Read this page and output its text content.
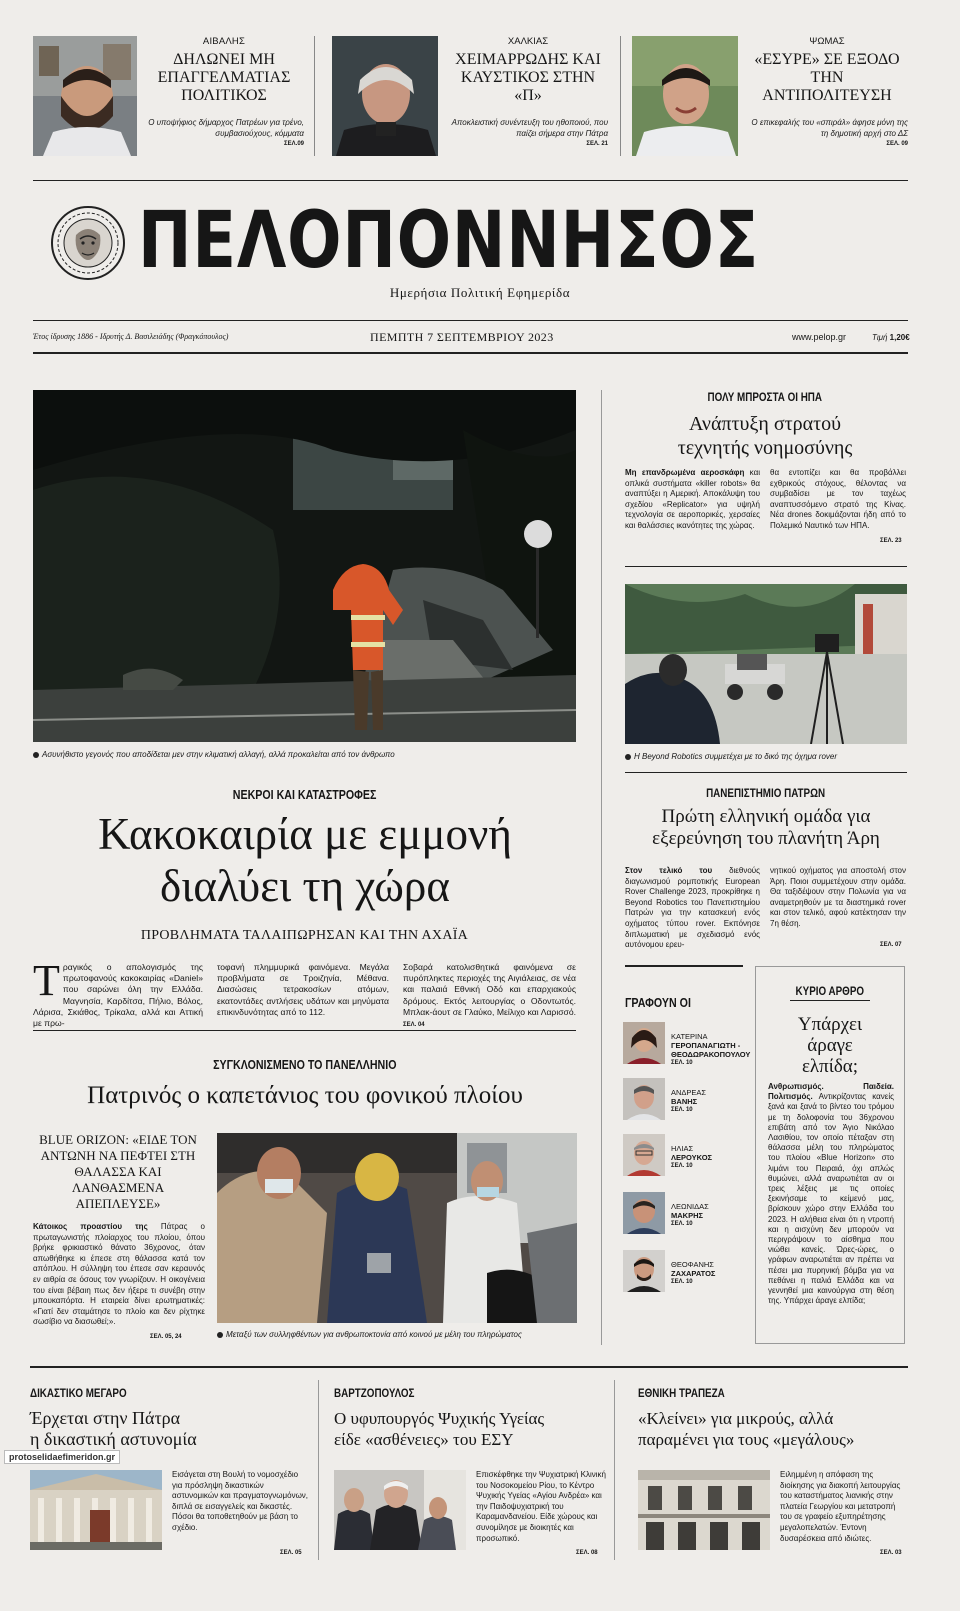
ΑΙΒΑΛΗΣ
ΔΗΛΩΝΕΙ ΜΗ ΕΠΑΓΓΕΛΜΑΤΙΑΣ ΠΟΛΙΤΙΚΟΣ
Ο υποψήφιος δήμαρχος Πατρέων για τρένο, συμβασιούχους, κόμματα
ΣΕΛ.09
ΧΑΛΚΙΑΣ
ΧΕΙΜΑΡΡΩΔΗΣ ΚΑΙ ΚΑΥΣΤΙΚΟΣ ΣΤΗΝ «Π»
Αποκλειστική συνέντευξη του ηθοποιού, που παίζει σήμερα στην Πάτρα
ΣΕΛ. 21
ΨΩΜΑΣ
«ΕΣΥΡΕ» ΣΕ ΕΞΟΔΟ ΤΗΝ ΑΝΤΙΠΟΛΙΤΕΥΣΗ
Ο επικεφαλής του «σπιράλ» άφησε μόνη της τη δημοτική αρχή στο ΔΣ
ΣΕΛ. 09
ΠΕΛΟΠΟΝΝΗΣΟΣ
Ημερήσια Πολιτική Εφημερίδα
Έτος ίδρυσης 1886 - Ιδρυτής Δ. Βασιλειάδης (Φραγκόπουλος)	ΠΕΜΠΤΗ 7 ΣΕΠΤΕΜΒΡΙΟΥ 2023	www.pelop.gr	Τιμή 1,20€
Ασυνήθιστο γεγονός που αποδίδεται μεν στην κλιματική αλλαγή, αλλά προκαλείται από τον άνθρωπο
ΝΕΚΡΟΙ ΚΑΙ ΚΑΤΑΣΤΡΟΦΕΣ
Κακοκαιρία με εμμονή
διαλύει τη χώρα
ΠΡΟΒΛΗΜΑΤΑ ΤΑΛΑΙΠΩΡΗΣΑΝ ΚΑΙ ΤΗΝ ΑΧΑΪΑ
Τ ραγικός ο απολογισμός της πρωτοφανούς κακοκαιρίας «Daniel» που σαρώνει όλη την Ελλάδα. Μαγνησία, Καρδίτσα, Πήλιο, Βόλος, Λάρισα, Σκιάθος, Τρίκαλα, αλλά και Αττική με πρω-
τοφανή πλημμυρικά φαινόμενα. Μεγάλα προβλήματα σε Τροιζηνία, Μέθανα. Διασώσεις τετρακοσίων ατόμων, εκατοντάδες αντλήσεις υδάτων και μηνύματα επικινδυνότητας από το 112.
Σοβαρά κατολισθητικά φαινόμενα σε πυρόπληκτες περιοχές της Αιγιάλειας, σε νέα και παλαιά Εθνική Οδό και επαρχιακούς δρόμους. Εκτός λειτουργίας ο Οδοντωτός. Μπλακ-άουτ σε Γλαύκο, Μείλιχο και Λαρισσό. ΣΕΛ. 04
ΣΥΓΚΛΟΝΙΣΜΕΝΟ ΤΟ ΠΑΝΕΛΛΗΝΙΟ
Πατρινός ο καπετάνιος του φονικού πλοίου
BLUE ORIZON: «ΕΙΔΕ ΤΟΝ ΑΝΤΩΝΗ ΝΑ ΠΕΦΤΕΙ ΣΤΗ ΘΑΛΑΣΣΑ ΚΑΙ ΛΑΝΘΑΣΜΕΝΑ ΑΠΕΠΛΕΥΣΕ»
Κάτοικος προαστίου της Πάτρας ο πρωταγωνιστής πλοίαρχος του πλοίου, όπου βρήκε φρικιαστικό θάνατο 36χρονος, όταν απωθήθηκε κι έπεσε στη θάλασσα κατά τον απόπλου. Η σύλληψη του έπεσε σαν κεραυνός εν αιθρία σε όσους τον γνωρίζουν. Η οικογένεια του είναι βέβαιη πως δεν ήξερε τι συνέβη στην μπουκαπόρτα. Η εταιρεία δίνει ερωτηματικές: «Γιατί δεν σταμάτησε το πλοίο και δεν ρίχτηκε σωσίβιο να διασωθεί;».
ΣΕΛ. 05, 24	Μεταξύ των συλληφθέντων για ανθρωποκτονία από κοινού με μέλη του πληρώματος
ΠΟΛΥ ΜΠΡΟΣΤΑ ΟΙ ΗΠΑ
Ανάπτυξη στρατού
τεχνητής νοημοσύνης
Μη επανδρωμένα αεροσκάφη και οπλικά συστήματα «killer robots» θα αναπτύξει η Αμερική. Αποκάλυψη του σχεδίου «Replicator» για υψηλή τεχνολογία σε αεροπορικές, χερσαίες και θαλάσσιες ικανότητες της χώρας.
θα εντοπίζει και θα προβάλλει εχθρικούς στόχους, θέλοντας να συμβαδίσει με τον ταχέως αναπτυσσόμενο στρατό της Κίνας. Νέα drones δοκιμάζονται ήδη από το Πολεμικό Ναυτικό των ΗΠΑ.
ΣΕΛ. 23
Η Beyond Robotics συμμετέχει με το δικό της όχημα rover
ΠΑΝΕΠΙΣΤΗΜΙΟ ΠΑΤΡΩΝ
Πρώτη ελληνική ομάδα για
εξερεύνηση του πλανήτη Άρη
Στον τελικό του διεθνούς διαγωνισμού ρομποτικής European Rover Challenge 2023, προκρίθηκε η Beyond Robotics του Πανεπιστημίου Πατρών για την κατασκευή ενός οχήματος τύπου rover. Εκπόνησε διπλωματική με σχεδιασμό ενός αυτόνομου ερευ-
νητικού οχήματος για αποστολή στον Άρη. Ποιοι συμμετέχουν στην ομάδα. Θα ταξιδέψουν στην Πολωνία για να αναμετρηθούν με τα διαστημικά rover και στον τελικό, αφού κατέκτησαν την 7η θέση.
ΣΕΛ. 07
ΓΡΑΦΟΥΝ ΟΙ
ΚΑΤΕΡΙΝΑ
ΓΕΡΟΠΑΝΑΓΙΩΤΗ - ΘΕΟΔΩΡΑΚΟΠΟΥΛΟΥ
ΣΕΛ. 10
ΑΝΔΡΕΑΣ
ΒΑΝΗΣ
ΣΕΛ. 10
ΗΛΙΑΣ
ΛΕΡΟΥΚΟΣ
ΣΕΛ. 10
ΛΕΩΝΙΔΑΣ
ΜΑΚΡΗΣ
ΣΕΛ. 10
ΘΕΟΦΑΝΗΣ
ΖΑΧΑΡΑΤΟΣ
ΣΕΛ. 10
ΚΥΡΙΟ ΑΡΘΡΟ
Υπάρχει
άραγε
ελπίδα;
Ανθρωπισμός. Παιδεία. Πολιτισμός. Αντικρίζοντας κανείς ξανά και ξανά το βίντεο του τρόμου με τη δολοφονία του 36χρονου επιβάτη από τον Άγιο Νικόλαο Λασιθίου, τον οποίο πέταξαν στη θάλασσα μέλη του πληρώματος του πλοίου «Blue Horizon» στο λιμάνι του Πειραιά, όχι απλώς θυμώνει, αλλά αναρωτιέται αν οι τρεις λέξεις με τις οποίες ξεκινήσαμε το κείμενό μας, βρίσκουν χώρο στην Ελλάδα του 2023. Η αλήθεια είναι ότι η ντροπή και η αισχύνη δεν μπορούν να περιγράψουν το αίσθημα που νιώθει κανείς. Ώρες-ώρες, ο γράφων αναρωτιέται αν πρέπει να πέσει μια πυρηνική βόμβα για να πεθάνει η παλιά Ελλάδα και να γεννηθεί μια καινούργια στη θέση της. Υπάρχει άραγε ελπίδα;
ΔΙΚΑΣΤΙΚΟ ΜΕΓΑΡΟ
Έρχεται στην Πάτρα
η δικαστική αστυνομία
Εισάγεται στη Βουλή το νομοσχέδιο για πρόσληψη δικαστικών αστυνομικών και πραγματογνωμόνων, διπλά σε εισαγγελείς και δικαστές. Πόσοι θα τοποθετηθούν με βάση το σχέδιο.
ΣΕΛ. 05
ΒΑΡΤΖΟΠΟΥΛΟΣ
Ο υφυπουργός Ψυχικής Υγείας
είδε «ασθένειες» του ΕΣΥ
Επισκέφθηκε την Ψυχιατρική Κλινική του Νοσοκομείου Ρίου, το Κέντρο Ψυχικής Υγείας «Αγίου Ανδρέα» και την Παιδοψυχιατρική του Καραμανδανείου. Είδε χώρους και συνομίλησε με διοικητές και προσωπικό.
ΣΕΛ. 08
ΕΘΝΙΚΗ ΤΡΑΠΕΖΑ
«Κλείνει» για μικρούς, αλλά
παραμένει για τους «μεγάλους»
Ειλημμένη η απόφαση της διοίκησης για διακοπή λειτουργίας του καταστήματος λιανικής στην πλατεία Γεωργίου και μετατροπή του σε γραφείο εξυπηρέτησης μεγαλοπελατών. Έντονη δυσαρέσκεια από ιδιώτες.
ΣΕΛ. 03
protoselidaefimeridon.gr
